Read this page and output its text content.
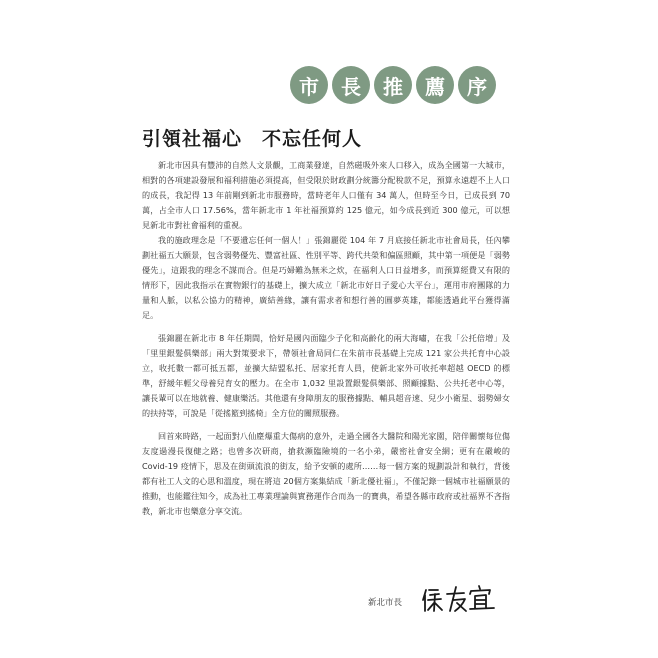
市	長	推	薦	序
引領社福心　不忘任何人

新北市因具有豐沛的自然人文景觀，工商業發達，自然磁吸外來人口移入，成為全國第一大城市，相對的各項建設發展和福利措施必須提高，但受限於財政劃分統籌分配稅款不足，預算永遠趕不上人口的成長，我記得 13 年前剛到新北市服務時，當時老年人口僅有 34 萬人，但時至今日，已成長到 70 萬，占全市人口 17.56%，當年新北市 1 年社福預算約 125 億元，如今成長到近 300 億元，可以想見新北市對社會福利的重視。

我的施政理念是「不要遺忘任何一個人！」張錦麗從 104 年 7 月底接任新北市社會局長，任內攀劃社福五大願景，包含弱勢優先、豐富社區、性別平等、跨代共榮和偏區照顧，其中第一項便是「弱勢優先」，這跟我的理念不謀而合。但是巧婦難為無米之炊，在福利人口日益增多，而預算經費又有限的情形下，因此我指示在實物銀行的基礎上，擴大成立「新北市好日子愛心大平台」，運用市府團隊的力量和人脈，以私公協力的精神，廣結善緣，讓有需求者和想行善的圓夢英雄，都能透過此平台獲得滿足。

張錦麗在新北市 8 年任期間，恰好是國內面臨少子化和高齡化的兩大海嘯，在我「公托倍增」及「里里銀髮俱樂部」兩大對策要求下，帶領社會局同仁在朱前市長基礎上完成 121 家公共托育中心設立，收托數一都可抵五都，並擴大結盟私托、居家托育人員，使新北家外可收托率超越 OECD 的標準，舒緩年輕父母養兒育女的壓力。在全市 1,032 里設置銀髮俱樂部、照顧據點、公共托老中心等，讓長輩可以在地就養、健康樂活。其他還有身障朋友的服務據點、輔具超音速、兒少小衛星、弱勢婦女的扶持等，可說是「從搖籃到搖椅」全方位的關照服務。

回首來時路，一起面對八仙塵爆重大傷病的意外，走過全國各大醫院和陽光家園，陪伴關懷每位傷友度過漫長復健之路；也曾多次研商，搶救瀕臨險境的一名小弟，嚴密社會安全網；更有在嚴峻的 Covid-19 疫情下，思及在街頭流浪的街友，給予安頓的處所……每一個方案的規劃設計和執行，背後都有社工人文的心思和溫度，現在將這 20個方案集結成「新北優社福」，不僅記錄一個城市社福願景的推動，也能鑑往知今，成為社工專業理論與實務運作合而為一的寶典，希望各縣市政府或社福界不吝指教，新北市也樂意分享交流。

新北市長
